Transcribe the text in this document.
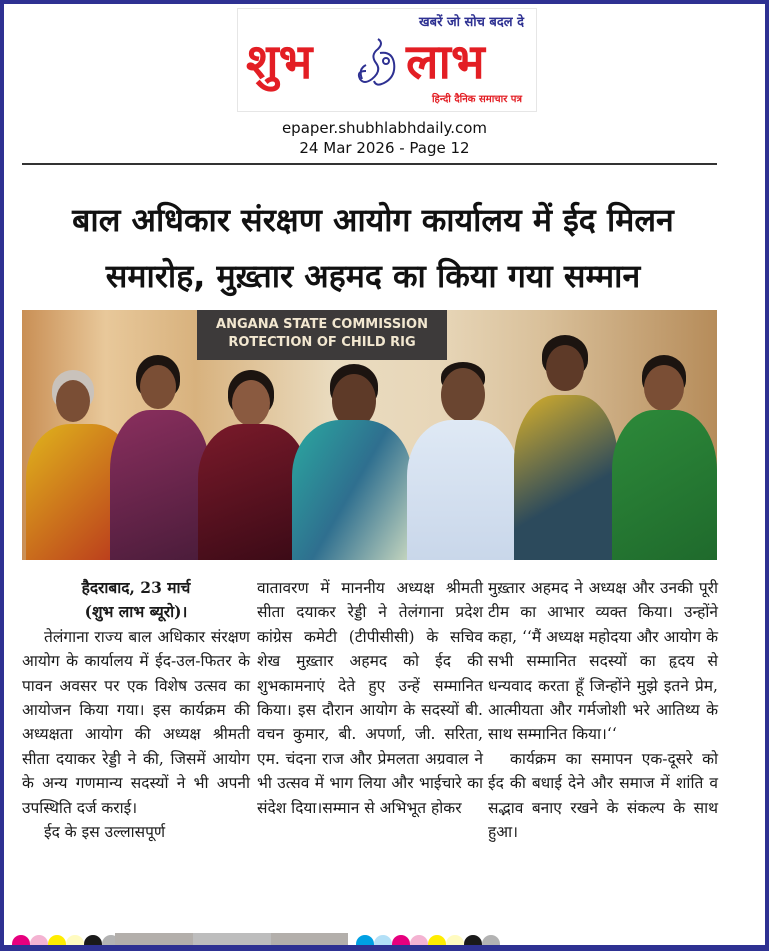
खबरें जो सोच बदल दे
शुभ लाभ
हिन्दी दैनिक समाचार पत्र
epaper.shubhlabhdaily.com
24 Mar 2026 - Page 12
बाल अधिकार संरक्षण आयोग कार्यालय में ईद मिलन
समारोह, मुख़्तार अहमद का किया गया सम्मान
ANGANA STATE COMMISSION
ROTECTION OF CHILD RIG

हैदराबाद, 23 मार्च

(शुभ लाभ ब्यूरो)।

तेलंगाना राज्य बाल अधिकार संरक्षण आयोग के कार्यालय में ईद-उल-फितर के पावन अवसर पर एक विशेष उत्सव का आयोजन किया गया। इस कार्यक्रम की अध्यक्षता आयोग की अध्यक्ष श्रीमती सीता दयाकर रेड्डी ने की, जिसमें आयोग के अन्य गणमान्य सदस्यों ने भी अपनी उपस्थिति दर्ज कराई।

ईद के इस उल्लासपूर्ण

वातावरण में माननीय अध्यक्ष श्रीमती सीता दयाकर रेड्डी ने तेलंगाना प्रदेश कांग्रेस कमेटी (टीपीसीसी) के सचिव शेख मुख़्तार अहमद को ईद की शुभकामनाएं देते हुए उन्हें सम्मानित किया। इस दौरान आयोग के सदस्यों बी. वचन कुमार, बी. अपर्णा, जी. सरिता, एम. चंदना राज और प्रेमलता अग्रवाल ने भी उत्सव में भाग लिया और भाईचारे का संदेश दिया।सम्मान से अभिभूत होकर

मुख़्तार अहमद ने अध्यक्ष और उनकी पूरी टीम का आभार व्यक्त किया। उन्होंने कहा, ‘‘मैं अध्यक्ष महोदया और आयोग के सभी सम्मानित सदस्यों का हृदय से धन्यवाद करता हूँ जिन्होंने मुझे इतने प्रेम, आत्मीयता और गर्मजोशी भरे आतिथ्य के साथ सम्मानित किया।‘‘

कार्यक्रम का समापन एक-दूसरे को ईद की बधाई देने और समाज में शांति व सद्भाव बनाए रखने के संकल्प के साथ हुआ।
